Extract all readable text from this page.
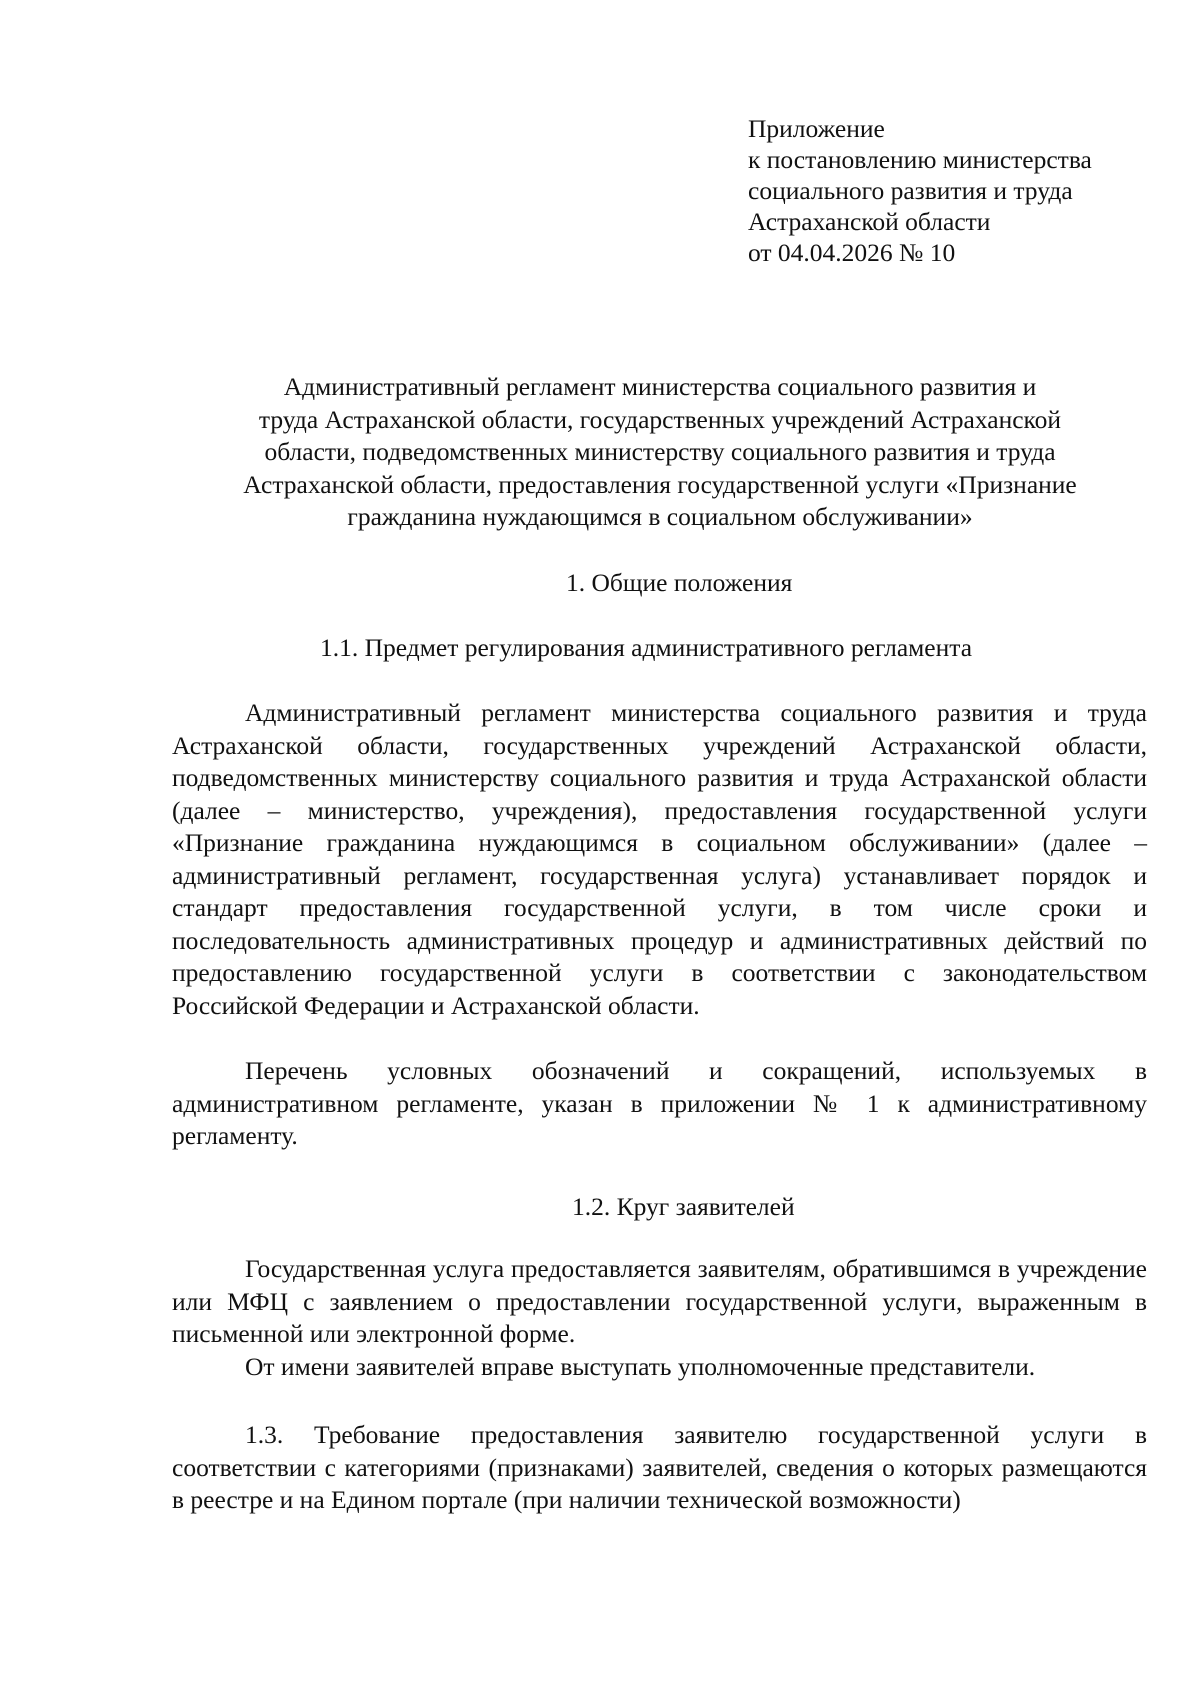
Приложение
к постановлению министерства
социального развития и труда
Астраханской области
от 04.04.2026 № 10
Административный регламент министерства социального развития и
труда Астраханской области, государственных учреждений Астраханской
области, подведомственных министерству социального развития и труда
Астраханской области, предоставления государственной услуги «Признание
гражданина нуждающимся в социальном обслуживании»
1. Общие положения
1.1. Предмет регулирования административного регламента

Административный регламент министерства социального развития и труда Астраханской области, государственных учреждений Астраханской области, подведомственных министерству социального развития и труда Астраханской области (далее – министерство, учреждения), предоставления государственной услуги «Признание гражданина нуждающимся в социальном обслуживании» (далее – административный регламент, государственная услуга) устанавливает порядок и стандарт предоставления государственной услуги, в том числе сроки и последовательность административных процедур и административных действий по предоставлению государственной услуги в соответствии с законодательством Российской Федерации и Астраханской области.

Перечень условных обозначений и сокращений, используемых в административном регламенте, указан в приложении № 1 к административному регламенту.

1.2. Круг заявителей

Государственная услуга предоставляется заявителям, обратившимся в учреждение или МФЦ с заявлением о предоставлении государственной услуги, выраженным в письменной или электронной форме.

От имени заявителей вправе выступать уполномоченные представители.

1.3. Требование предоставления заявителю государственной услуги в соответствии с категориями (признаками) заявителей, сведения о которых размещаются в реестре и на Едином портале (при наличии технической возможности)
